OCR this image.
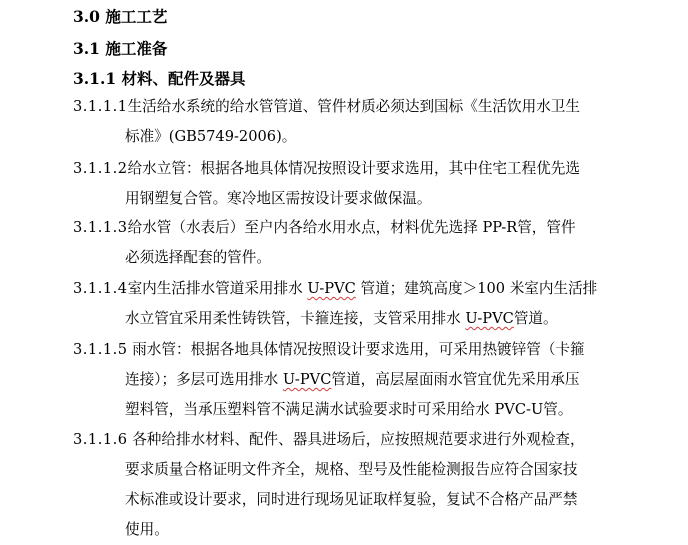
3.0 施工工艺
3.1 施工准备
3.1.1 材料、配件及器具
3.1.1.1生活给水系统的给水管管道、管件材质必须达到国标《生活饮用水卫生
标准》(GB5749-2006)。
3.1.1.2给水立管：根据各地具体情况按照设计要求选用，其中住宅工程优先选
用钢塑复合管。寒冷地区需按设计要求做保温。
3.1.1.3给水管（水表后）至户内各给水用水点，材料优先选择 PP-R管，管件
必须选择配套的管件。
3.1.1.4室内生活排水管道采用排水 U-PVC 管道；建筑高度＞100 米室内生活排
水立管宜采用柔性铸铁管，卡箍连接，支管采用排水 U-PVC管道。
3.1.1.5 雨水管：根据各地具体情况按照设计要求选用，可采用热镀锌管（卡箍
连接）；多层可选用排水 U-PVC管道，高层屋面雨水管宜优先采用承压
塑料管，当承压塑料管不满足满水试验要求时可采用给水 PVC-U管。
3.1.1.6 各种给排水材料、配件、器具进场后，应按照规范要求进行外观检查，
要求质量合格证明文件齐全，规格、型号及性能检测报告应符合国家技
术标准或设计要求，同时进行现场见证取样复验，复试不合格产品严禁
使用。
